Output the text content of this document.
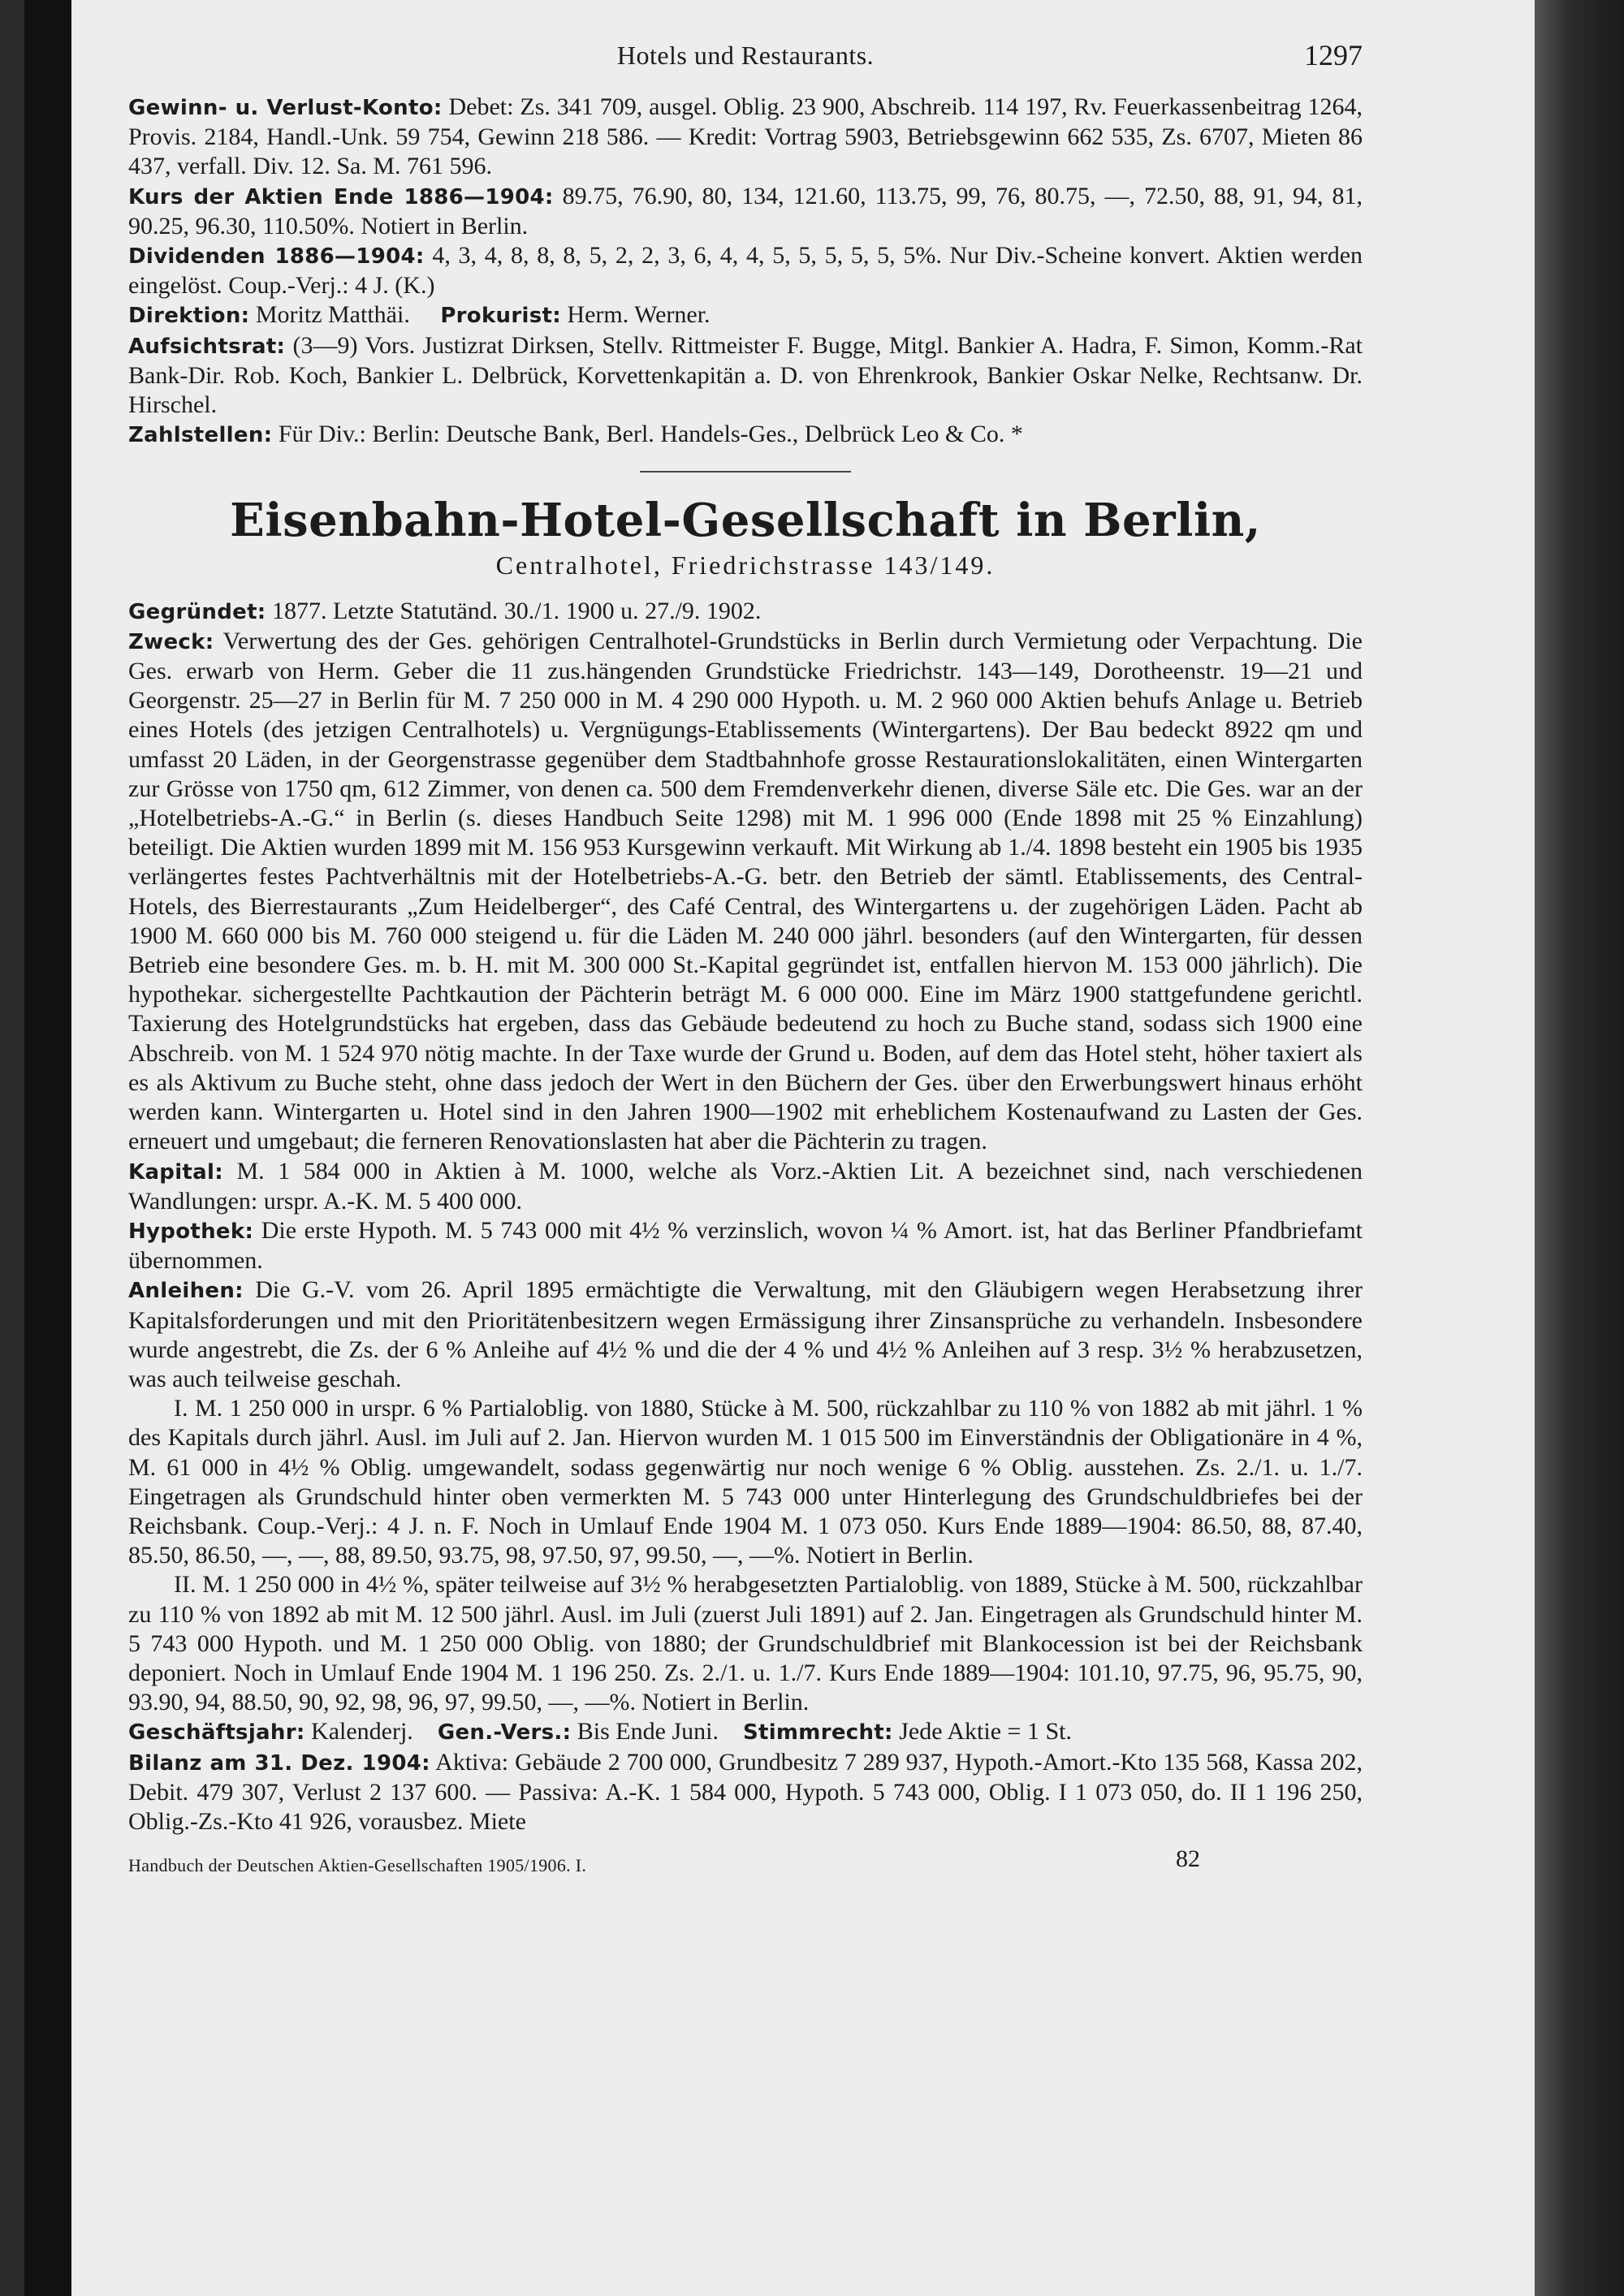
Hotels und Restaurants.	1297

Gewinn- u. Verlust-Konto: Debet: Zs. 341 709, ausgel. Oblig. 23 900, Abschreib. 114 197, Rv. Feuerkassenbeitrag 1264, Provis. 2184, Handl.-Unk. 59 754, Gewinn 218 586. — Kredit: Vortrag 5903, Betriebsgewinn 662 535, Zs. 6707, Mieten 86 437, verfall. Div. 12. Sa. M. 761 596.

Kurs der Aktien Ende 1886—1904: 89.75, 76.90, 80, 134, 121.60, 113.75, 99, 76, 80.75, —, 72.50, 88, 91, 94, 81, 90.25, 96.30, 110.50%. Notiert in Berlin.

Dividenden 1886—1904: 4, 3, 4, 8, 8, 8, 5, 2, 2, 3, 6, 4, 4, 5, 5, 5, 5, 5, 5%. Nur Div.-Scheine konvert. Aktien werden eingelöst. Coup.-Verj.: 4 J. (K.)

Direktion: Moritz Matthäi. Prokurist: Herm. Werner.

Aufsichtsrat: (3—9) Vors. Justizrat Dirksen, Stellv. Rittmeister F. Bugge, Mitgl. Bankier A. Hadra, F. Simon, Komm.-Rat Bank-Dir. Rob. Koch, Bankier L. Delbrück, Korvettenkapitän a. D. von Ehrenkrook, Bankier Oskar Nelke, Rechtsanw. Dr. Hirschel.

Zahlstellen: Für Div.: Berlin: Deutsche Bank, Berl. Handels-Ges., Delbrück Leo & Co. *

Eisenbahn-Hotel-Gesellschaft in Berlin,
Centralhotel, Friedrichstrasse 143/149.

Gegründet: 1877. Letzte Statutänd. 30./1. 1900 u. 27./9. 1902.

Zweck: Verwertung des der Ges. gehörigen Centralhotel-Grundstücks in Berlin durch Vermietung oder Verpachtung. Die Ges. erwarb von Herm. Geber die 11 zus.hängenden Grundstücke Friedrichstr. 143—149, Dorotheenstr. 19—21 und Georgenstr. 25—27 in Berlin für M. 7 250 000 in M. 4 290 000 Hypoth. u. M. 2 960 000 Aktien behufs Anlage u. Betrieb eines Hotels (des jetzigen Centralhotels) u. Vergnügungs-Etablissements (Wintergartens). Der Bau bedeckt 8922 qm und umfasst 20 Läden, in der Georgenstrasse gegenüber dem Stadtbahnhofe grosse Restaurationslokalitäten, einen Wintergarten zur Grösse von 1750 qm, 612 Zimmer, von denen ca. 500 dem Fremdenverkehr dienen, diverse Säle etc. Die Ges. war an der „Hotelbetriebs-A.-G.“ in Berlin (s. dieses Handbuch Seite 1298) mit M. 1 996 000 (Ende 1898 mit 25 % Einzahlung) beteiligt. Die Aktien wurden 1899 mit M. 156 953 Kursgewinn verkauft. Mit Wirkung ab 1./4. 1898 besteht ein 1905 bis 1935 verlängertes festes Pachtverhältnis mit der Hotelbetriebs-A.-G. betr. den Betrieb der sämtl. Etablissements, des Central-Hotels, des Bierrestaurants „Zum Heidelberger“, des Café Central, des Wintergartens u. der zugehörigen Läden. Pacht ab 1900 M. 660 000 bis M. 760 000 steigend u. für die Läden M. 240 000 jährl. besonders (auf den Wintergarten, für dessen Betrieb eine besondere Ges. m. b. H. mit M. 300 000 St.-Kapital gegründet ist, entfallen hiervon M. 153 000 jährlich). Die hypothekar. sichergestellte Pachtkaution der Pächterin beträgt M. 6 000 000. Eine im März 1900 stattgefundene gerichtl. Taxierung des Hotelgrundstücks hat ergeben, dass das Gebäude bedeutend zu hoch zu Buche stand, sodass sich 1900 eine Abschreib. von M. 1 524 970 nötig machte. In der Taxe wurde der Grund u. Boden, auf dem das Hotel steht, höher taxiert als es als Aktivum zu Buche steht, ohne dass jedoch der Wert in den Büchern der Ges. über den Erwerbungswert hinaus erhöht werden kann. Wintergarten u. Hotel sind in den Jahren 1900—1902 mit erheblichem Kostenaufwand zu Lasten der Ges. erneuert und umgebaut; die ferneren Renovationslasten hat aber die Pächterin zu tragen.

Kapital: M. 1 584 000 in Aktien à M. 1000, welche als Vorz.-Aktien Lit. A bezeichnet sind, nach verschiedenen Wandlungen: urspr. A.-K. M. 5 400 000.

Hypothek: Die erste Hypoth. M. 5 743 000 mit 4½ % verzinslich, wovon ¼ % Amort. ist, hat das Berliner Pfandbriefamt übernommen.

Anleihen: Die G.-V. vom 26. April 1895 ermächtigte die Verwaltung, mit den Gläubigern wegen Herabsetzung ihrer Kapitalsforderungen und mit den Prioritätenbesitzern wegen Ermässigung ihrer Zinsansprüche zu verhandeln. Insbesondere wurde angestrebt, die Zs. der 6 % Anleihe auf 4½ % und die der 4 % und 4½ % Anleihen auf 3 resp. 3½ % herabzusetzen, was auch teilweise geschah.

I. M. 1 250 000 in urspr. 6 % Partialoblig. von 1880, Stücke à M. 500, rückzahlbar zu 110 % von 1882 ab mit jährl. 1 % des Kapitals durch jährl. Ausl. im Juli auf 2. Jan. Hiervon wurden M. 1 015 500 im Einverständnis der Obligationäre in 4 %, M. 61 000 in 4½ % Oblig. umgewandelt, sodass gegenwärtig nur noch wenige 6 % Oblig. ausstehen. Zs. 2./1. u. 1./7. Eingetragen als Grundschuld hinter oben vermerkten M. 5 743 000 unter Hinterlegung des Grundschuldbriefes bei der Reichsbank. Coup.-Verj.: 4 J. n. F. Noch in Umlauf Ende 1904 M. 1 073 050. Kurs Ende 1889—1904: 86.50, 88, 87.40, 85.50, 86.50, —, —, 88, 89.50, 93.75, 98, 97.50, 97, 99.50, —, —%. Notiert in Berlin.

II. M. 1 250 000 in 4½ %, später teilweise auf 3½ % herabgesetzten Partialoblig. von 1889, Stücke à M. 500, rückzahlbar zu 110 % von 1892 ab mit M. 12 500 jährl. Ausl. im Juli (zuerst Juli 1891) auf 2. Jan. Eingetragen als Grundschuld hinter M. 5 743 000 Hypoth. und M. 1 250 000 Oblig. von 1880; der Grundschuldbrief mit Blankocession ist bei der Reichsbank deponiert. Noch in Umlauf Ende 1904 M. 1 196 250. Zs. 2./1. u. 1./7. Kurs Ende 1889—1904: 101.10, 97.75, 96, 95.75, 90, 93.90, 94, 88.50, 90, 92, 98, 96, 97, 99.50, —, —%. Notiert in Berlin.

Geschäftsjahr: Kalenderj. Gen.-Vers.: Bis Ende Juni. Stimmrecht: Jede Aktie = 1 St.

Bilanz am 31. Dez. 1904: Aktiva: Gebäude 2 700 000, Grundbesitz 7 289 937, Hypoth.-Amort.-Kto 135 568, Kassa 202, Debit. 479 307, Verlust 2 137 600. — Passiva: A.-K. 1 584 000, Hypoth. 5 743 000, Oblig. I 1 073 050, do. II 1 196 250, Oblig.-Zs.-Kto 41 926, vorausbez. Miete

Handbuch der Deutschen Aktien-Gesellschaften 1905/1906. I.	82
